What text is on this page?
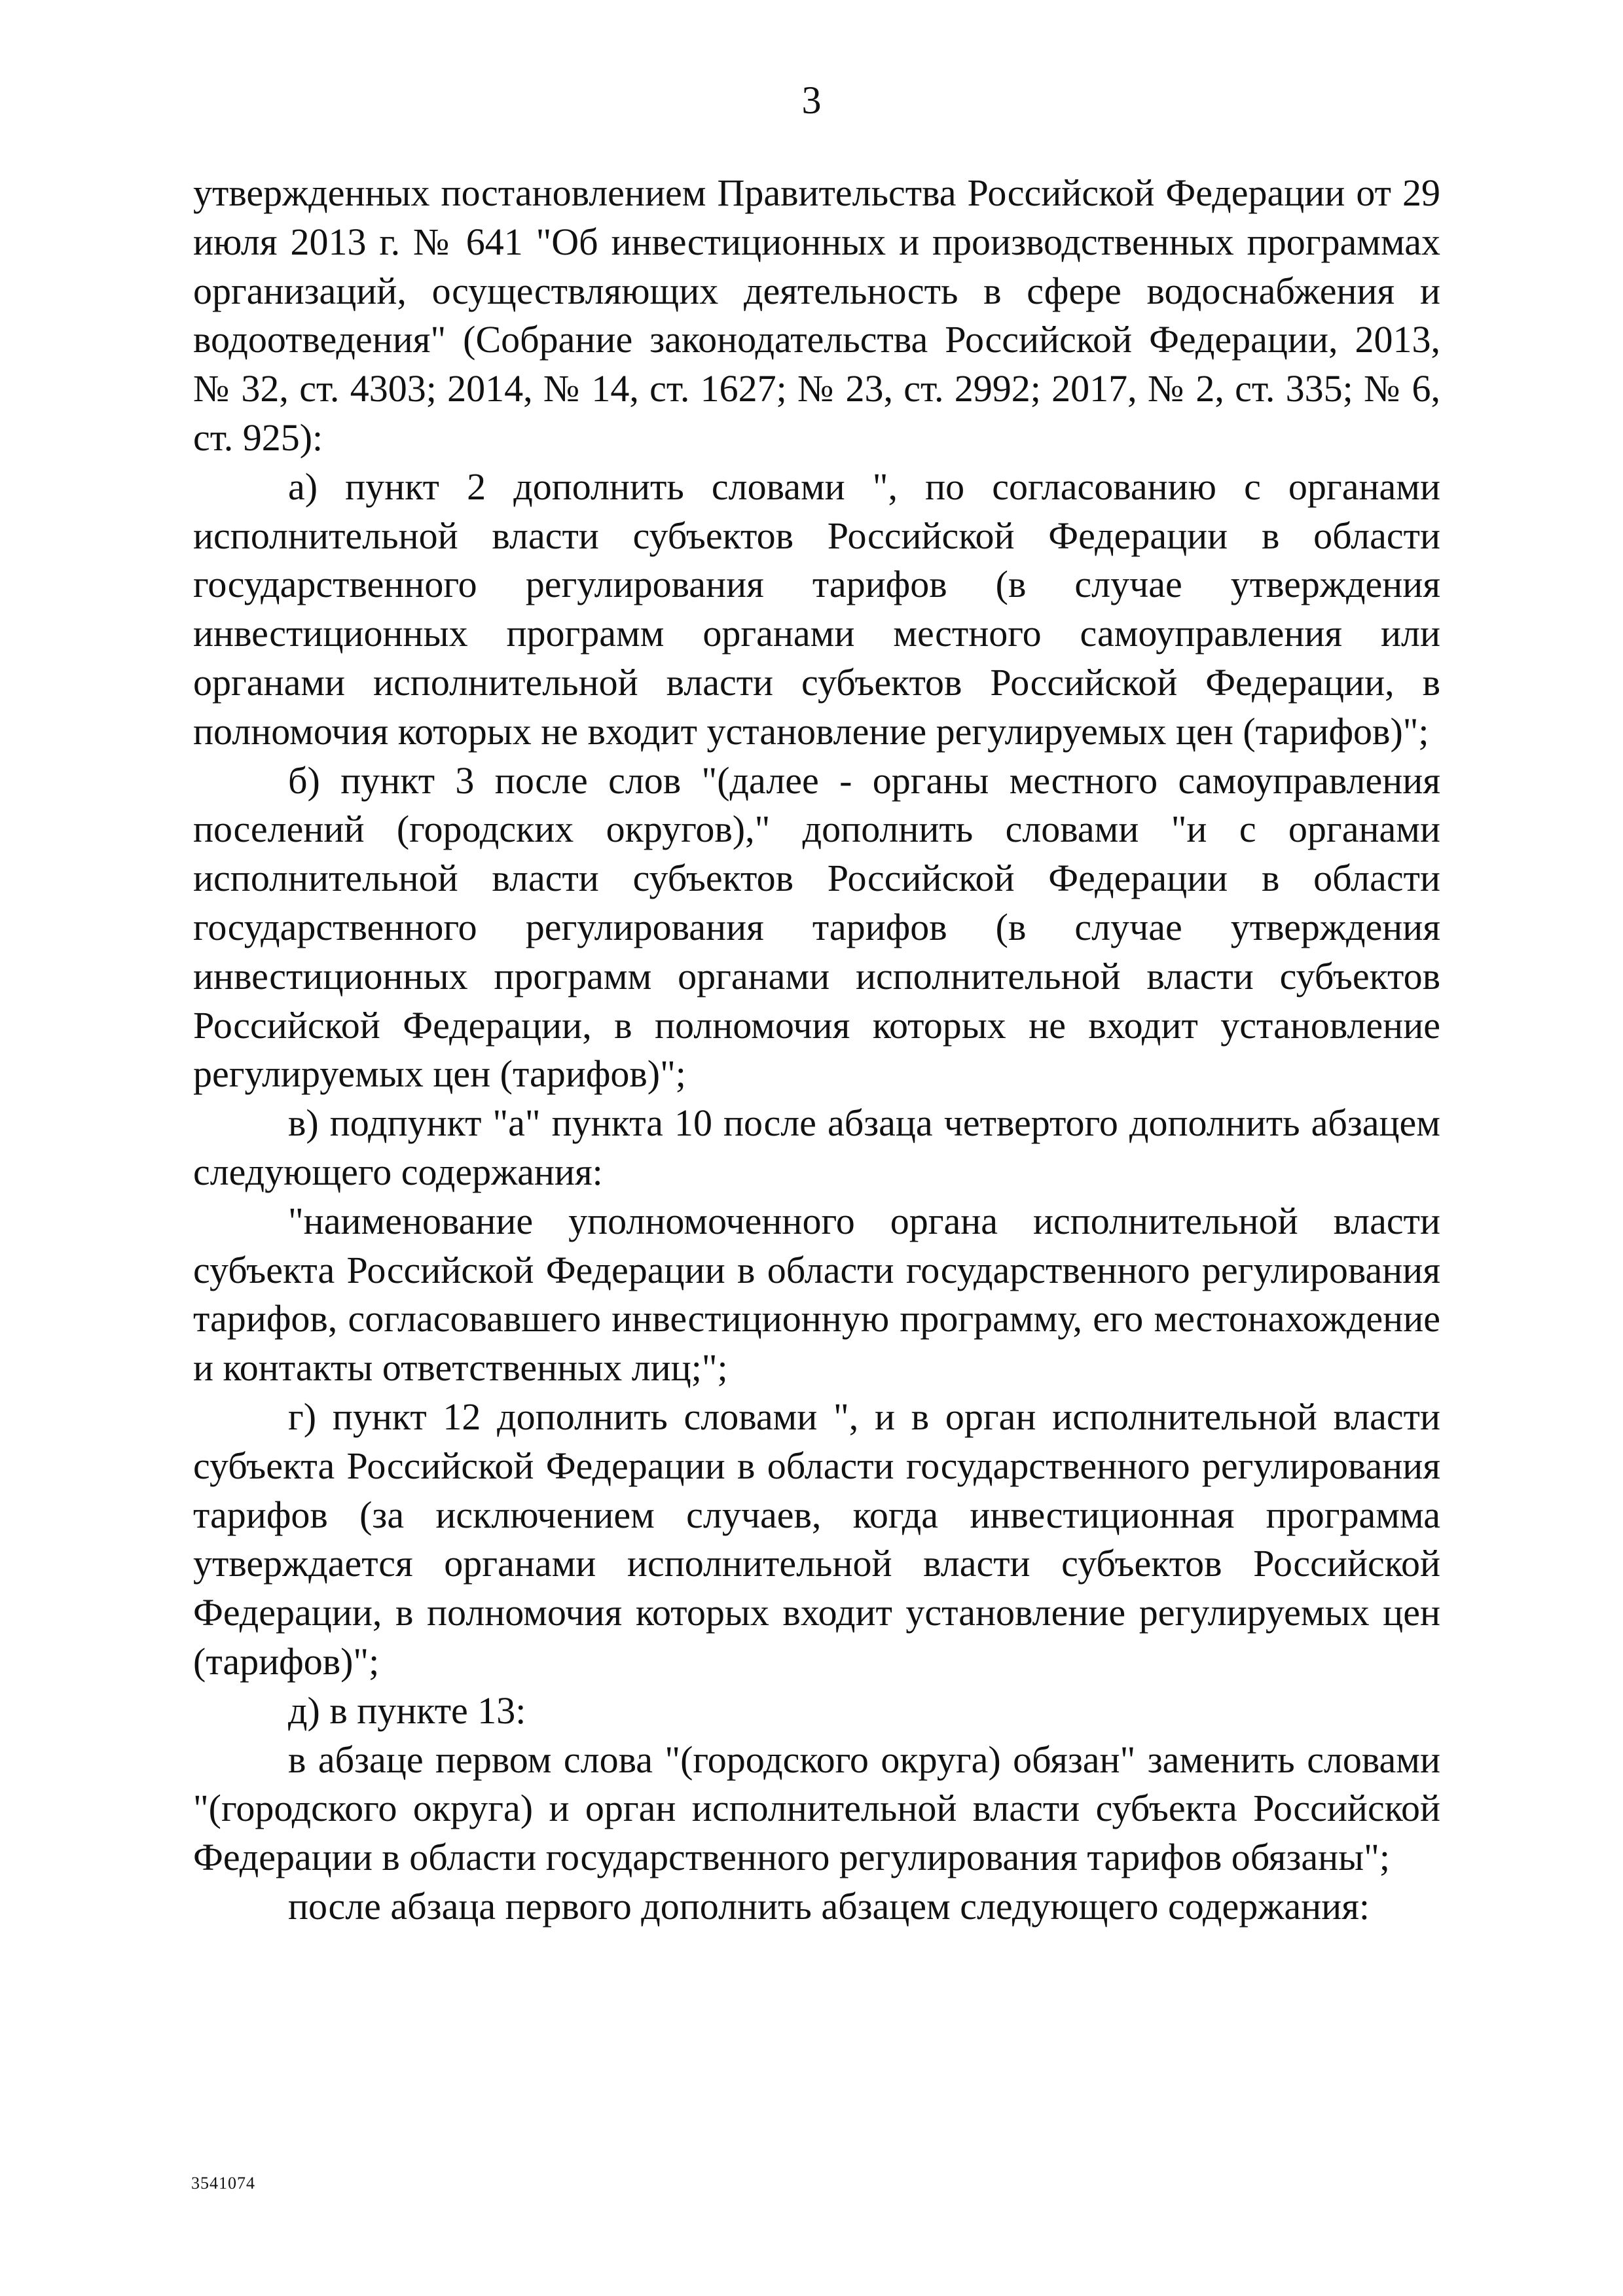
3

утвержденных постановлением Правительства Российской Федерации от 29 июля 2013 г. № 641 "Об инвестиционных и производственных программах организаций, осуществляющих деятельность в сфере водоснабжения и водоотведения" (Собрание законодательства Российской Федерации, 2013, № 32, ст. 4303; 2014, № 14, ст. 1627; № 23, ст. 2992; 2017, № 2, ст. 335; № 6, ст. 925):

а) пункт 2 дополнить словами ", по согласованию с органами исполнительной власти субъектов Российской Федерации в области государственного регулирования тарифов (в случае утверждения инвестиционных программ органами местного самоуправления или органами исполнительной власти субъектов Российской Федерации, в полномочия которых не входит установление регулируемых цен (тарифов)";

б) пункт 3 после слов "(далее - органы местного самоуправления поселений (городских округов)," дополнить словами "и с органами исполнительной власти субъектов Российской Федерации в области государственного регулирования тарифов (в случае утверждения инвестиционных программ органами исполнительной власти субъектов Российской Федерации, в полномочия которых не входит установление регулируемых цен (тарифов)";

в) подпункт "а" пункта 10 после абзаца четвертого дополнить абзацем следующего содержания:

"наименование уполномоченного органа исполнительной власти субъекта Российской Федерации в области государственного регулирования тарифов, согласовавшего инвестиционную программу, его местонахождение и контакты ответственных лиц;";

г) пункт 12 дополнить словами ", и в орган исполнительной власти субъекта Российской Федерации в области государственного регулирования тарифов (за исключением случаев, когда инвестиционная программа утверждается органами исполнительной власти субъектов Российской Федерации, в полномочия которых входит установление регулируемых цен (тарифов)";

д) в пункте 13:

в абзаце первом слова "(городского округа) обязан" заменить словами "(городского округа) и орган исполнительной власти субъекта Российской Федерации в области государственного регулирования тарифов обязаны";

после абзаца первого дополнить абзацем следующего содержания:

3541074
